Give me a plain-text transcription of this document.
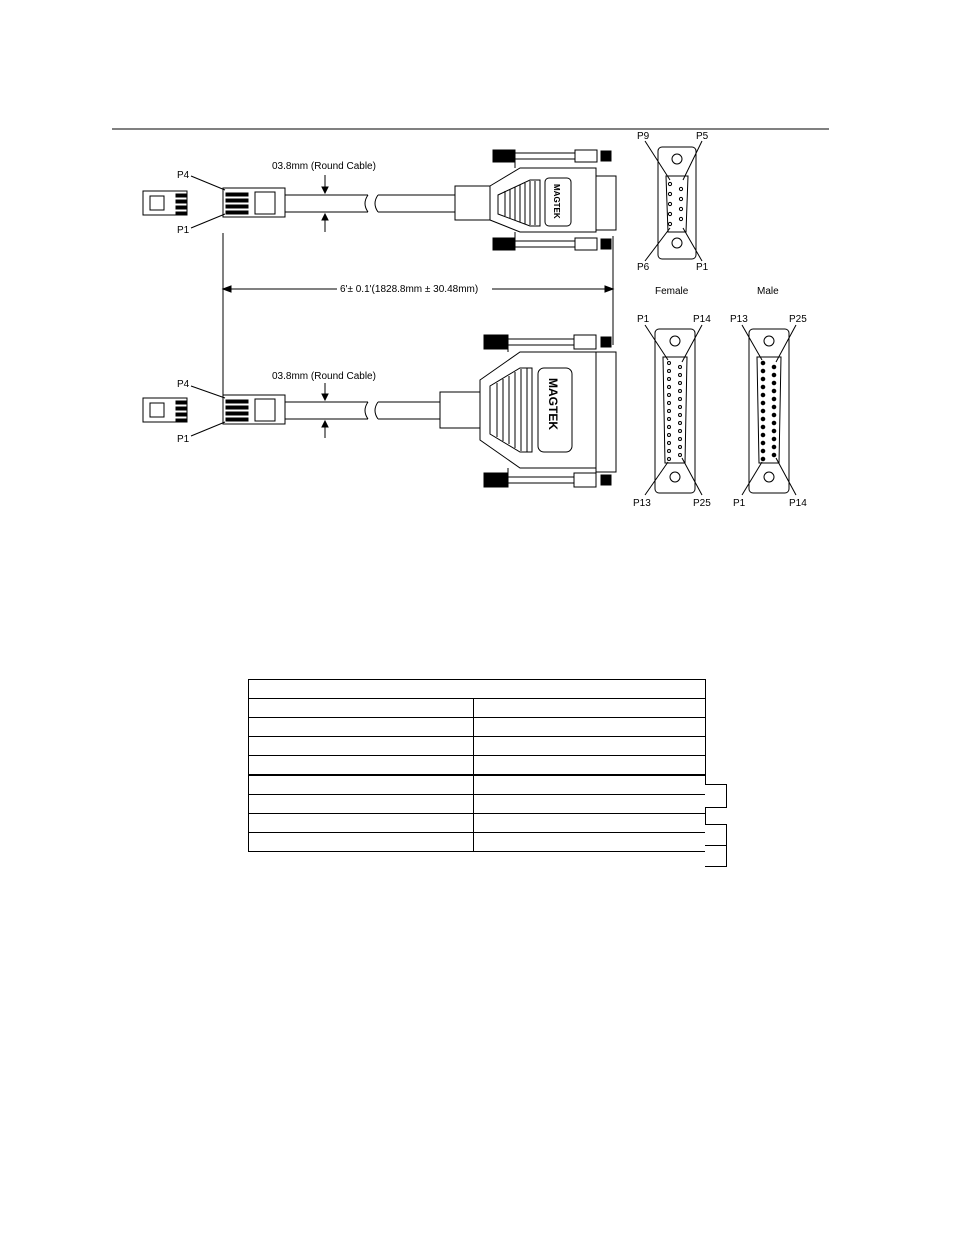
P4
P1
03.8mm (Round Cable)
MAGTEK
6'± 0.1'(1828.8mm ± 30.48mm)
P4
P1
03.8mm (Round Cable)
MAGTEK
P9	P5
P6	P1
Female	Male
P1	P14
P13	P25
P13	P25
P1	P14
